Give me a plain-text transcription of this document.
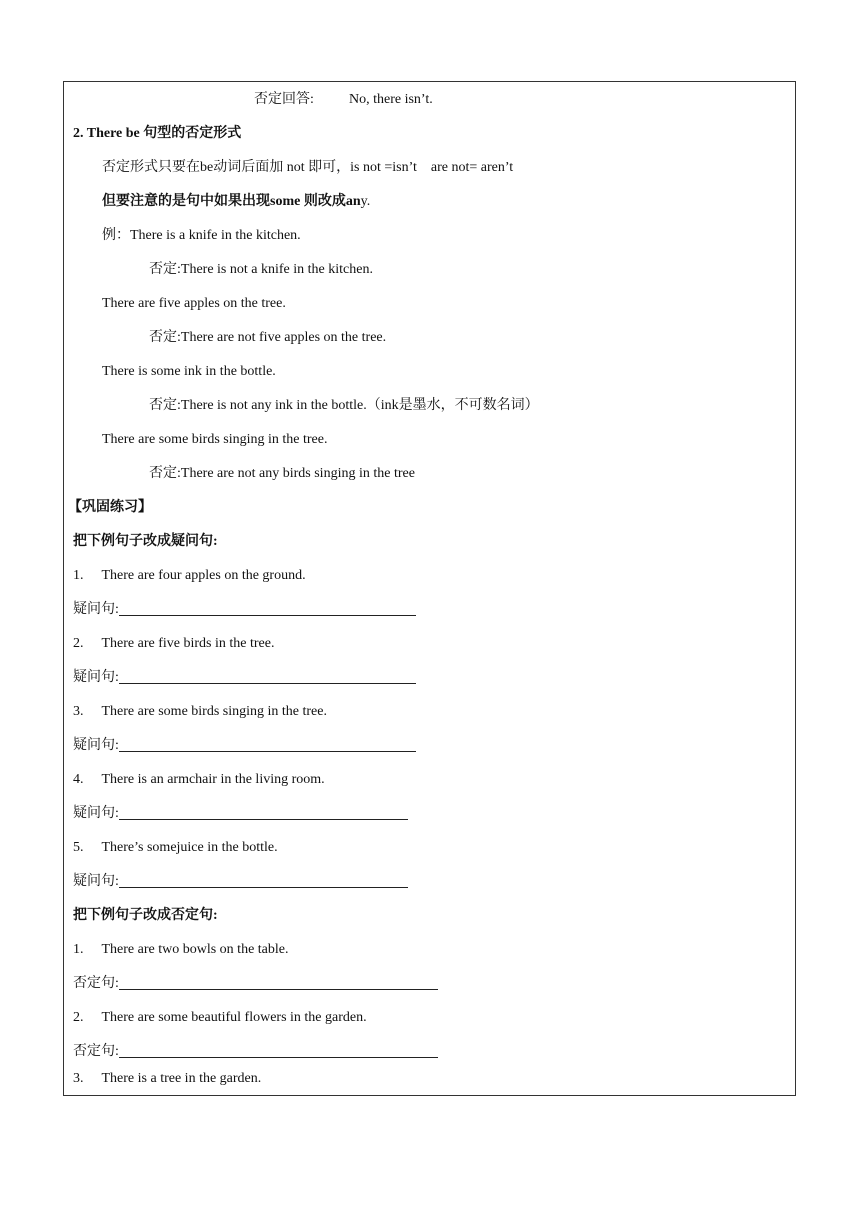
否定回答:	No, there isn’t.
2. There be 句型的否定形式
否定形式只要在be动词后面加 not 即可，is not =isn’t are not= aren’t
但要注意的是句中如果出现some 则改成any.
例：There is a knife in the kitchen.
否定:There is not a knife in the kitchen.
There are five apples on the tree.
否定:There are not five apples on the tree.
There is some ink in the bottle.
否定:There is not any ink in the bottle.（ink是墨水，不可数名词）
There are some birds singing in the tree.
否定:There are not any birds singing in the tree
【巩固练习】
把下例句子改成疑问句:
1. There are four apples on the ground.
疑问句:
2. There are five birds in the tree.
疑问句:
3. There are some birds singing in the tree.
疑问句:
4. There is an armchair in the living room.
疑问句:
5. There’s somejuice in the bottle.
疑问句:
把下例句子改成否定句:
1. There are two bowls on the table.
否定句:
2. There are some beautiful flowers in the garden.
否定句:
3. There is a tree in the garden.
